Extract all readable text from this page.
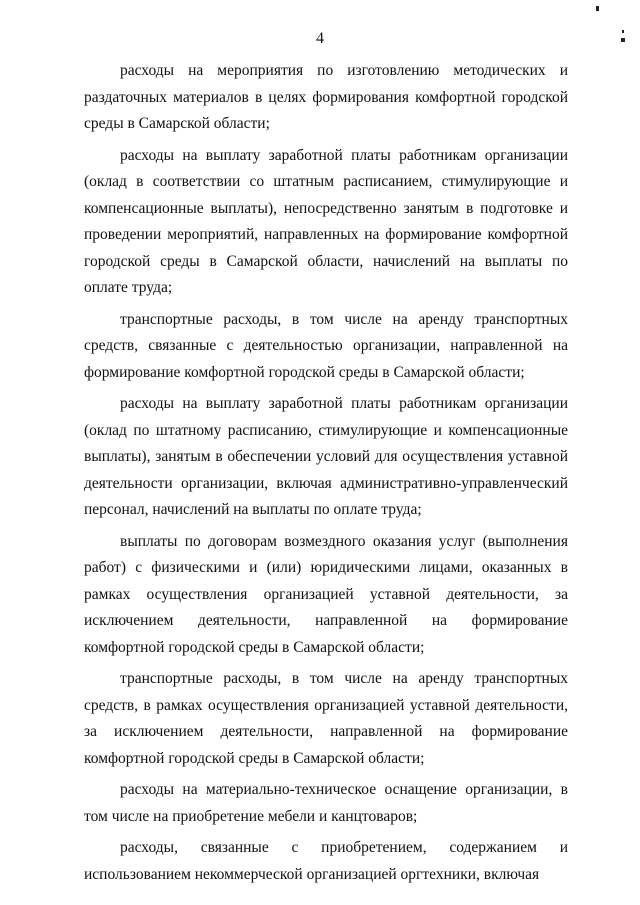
4

расходы на мероприятия по изготовлению методических и раздаточных материалов в целях формирования комфортной городской среды в Самарской области;

расходы на выплату заработной платы работникам организации (оклад в соответствии со штатным расписанием, стимулирующие и компенсационные выплаты), непосредственно занятым в подготовке и проведении мероприятий, направленных на формирование комфортной городской среды в Самарской области, начислений на выплаты по оплате труда;

транспортные расходы, в том числе на аренду транспортных средств, связанные с деятельностью организации, направленной на формирование комфортной городской среды в Самарской области;

расходы на выплату заработной платы работникам организации (оклад по штатному расписанию, стимулирующие и компенсационные выплаты), занятым в обеспечении условий для осуществления уставной деятельности организации, включая административно-управленческий персонал, начислений на выплаты по оплате труда;

выплаты по договорам возмездного оказания услуг (выполнения работ) с физическими и (или) юридическими лицами, оказанных в рамках осуществления организацией уставной деятельности, за исключением деятельности, направленной на формирование комфортной городской среды в Самарской области;

транспортные расходы, в том числе на аренду транспортных средств, в рамках осуществления организацией уставной деятельности, за исключением деятельности, направленной на формирование комфортной городской среды в Самарской области;

расходы на материально-техническое оснащение организации, в том числе на приобретение мебели и канцтоваров;

расходы, связанные с приобретением, содержанием и использованием некоммерческой организацией оргтехники, включая
